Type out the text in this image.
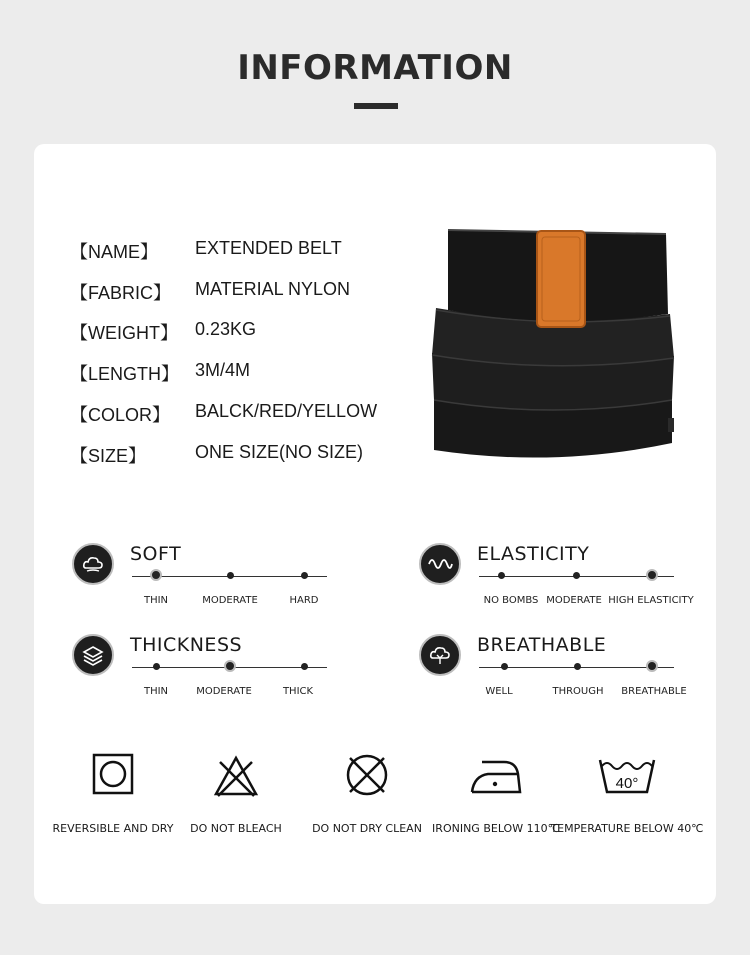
INFORMATION
【NAME】 EXTENDED BELT
【FABRIC】 MATERIAL NYLON
【WEIGHT】 0.23KG
【LENGTH】 3M/4M
【COLOR】 BALCK/RED/YELLOW
【SIZE】	ONE SIZE(NO SIZE)
SOFT
THIN	MODERATE	HARD
ELASTICITY
NO BOMBS MODERATE HIGH ELASTICITY
THICKNESS
THIN	MODERATE	THICK
BREATHABLE
WELL	THROUGH BREATHABLE
REVERSIBLE AND DRY DO NOT BLEACH	DO NOT DRY CLEAN IRONING BELOW 110℃
40°
TEMPERATURE BELOW 40℃
